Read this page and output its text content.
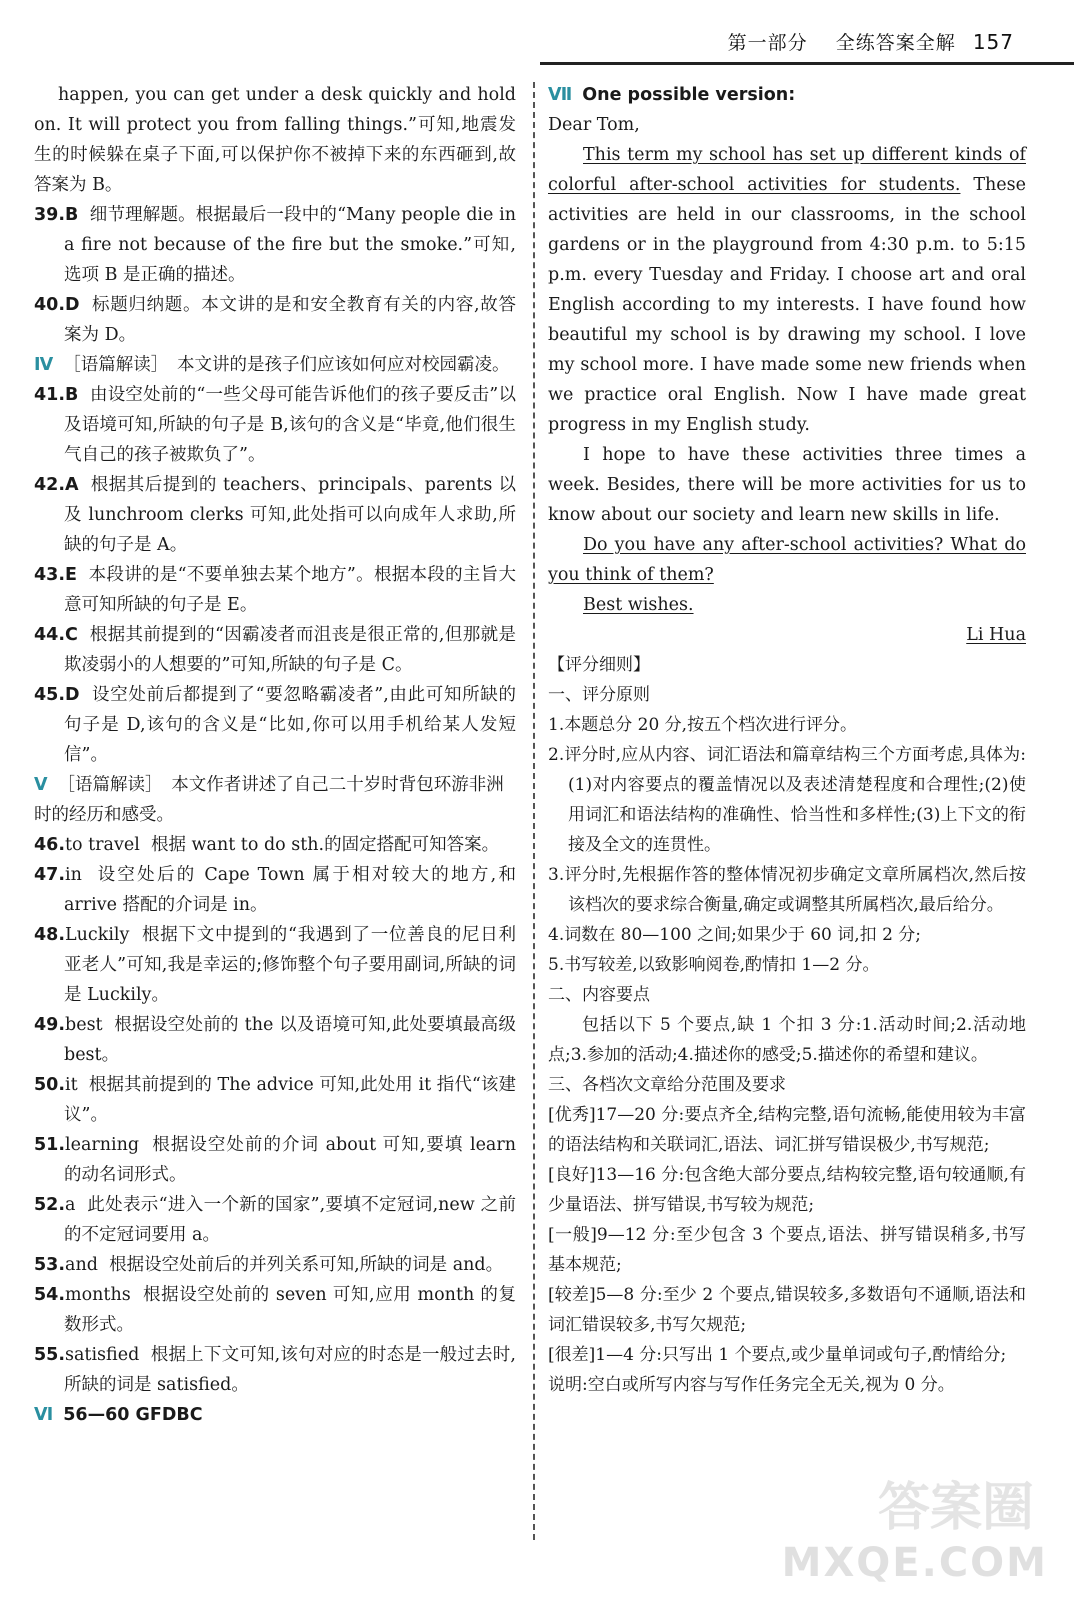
第一部分 全练答案全解 157

happen, you can get under a desk quickly and hold on. It will protect you from falling things.”可知,地震发生的时候躲在桌子下面,可以保护你不被掉下来的东西砸到,故答案为 B。

39.B 细节理解题。根据最后一段中的“Many people die in a fire not because of the fire but the smoke.”可知,选项 B 是正确的描述。

40.D 标题归纳题。本文讲的是和安全教育有关的内容,故答案为 D。

Ⅳ ［语篇解读］　本文讲的是孩子们应该如何应对校园霸凌。

41.B 由设空处前的“一些父母可能告诉他们的孩子要反击”以及语境可知,所缺的句子是 B,该句的含义是“毕竟,他们很生气自己的孩子被欺负了”。

42.A 根据其后提到的 teachers、principals、parents 以及 lunchroom clerks 可知,此处指可以向成年人求助,所缺的句子是 A。

43.E 本段讲的是“不要单独去某个地方”。根据本段的主旨大意可知所缺的句子是 E。

44.C 根据其前提到的“因霸凌者而沮丧是很正常的,但那就是欺凌弱小的人想要的”可知,所缺的句子是 C。

45.D 设空处前后都提到了“要忽略霸凌者”,由此可知所缺的句子是 D,该句的含义是“比如,你可以用手机给某人发短信”。

Ⅴ ［语篇解读］　本文作者讲述了自己二十岁时背包环游非洲时的经历和感受。

46.to travel 根据 want to do sth.的固定搭配可知答案。

47.in 设空处后的 Cape Town 属于相对较大的地方,和 arrive 搭配的介词是 in。

48.Luckily 根据下文中提到的“我遇到了一位善良的尼日利亚老人”可知,我是幸运的;修饰整个句子要用副词,所缺的词是 Luckily。

49.best 根据设空处前的 the 以及语境可知,此处要填最高级 best。

50.it 根据其前提到的 The advice 可知,此处用 it 指代“该建议”。

51.learning 根据设空处前的介词 about 可知,要填 learn 的动名词形式。

52.a 此处表示“进入一个新的国家”,要填不定冠词,new 之前的不定冠词要用 a。

53.and 根据设空处前后的并列关系可知,所缺的词是 and。

54.months 根据设空处前的 seven 可知,应用 month 的复数形式。

55.satisfied 根据上下文可知,该句对应的时态是一般过去时,所缺的词是 satisfied。

Ⅵ 56—60 GFDBC

Ⅶ One possible version:

Dear Tom,

This term my school has set up different kinds of colorful after-school activities for students. These activities are held in our classrooms, in the school gardens or in the playground from 4:30 p.m. to 5:15 p.m. every Tuesday and Friday. I choose art and oral English according to my interests. I have found how beautiful my school is by drawing my school. I love my school more. I have made some new friends when we practice oral English. Now I have made great progress in my English study.

I hope to have these activities three times a week. Besides, there will be more activities for us to know about our society and learn new skills in life.

Do you have any after-school activities? What do you think of them?

Best wishes.

Li Hua

【评分细则】

一、评分原则

1.本题总分 20 分,按五个档次进行评分。

2.评分时,应从内容、词汇语法和篇章结构三个方面考虑,具体为:(1)对内容要点的覆盖情况以及表述清楚程度和合理性;(2)使用词汇和语法结构的准确性、恰当性和多样性;(3)上下文的衔接及全文的连贯性。

3.评分时,先根据作答的整体情况初步确定文章所属档次,然后按该档次的要求综合衡量,确定或调整其所属档次,最后给分。

4.词数在 80—100 之间;如果少于 60 词,扣 2 分;

5.书写较差,以致影响阅卷,酌情扣 1—2 分。

二、内容要点

包括以下 5 个要点,缺 1 个扣 3 分:1.活动时间;2.活动地点;3.参加的活动;4.描述你的感受;5.描述你的希望和建议。

三、各档次文章给分范围及要求

[优秀]17—20 分:要点齐全,结构完整,语句流畅,能使用较为丰富的语法结构和关联词汇,语法、词汇拼写错误极少,书写规范;

[良好]13—16 分:包含绝大部分要点,结构较完整,语句较通顺,有少量语法、拼写错误,书写较为规范;

[一般]9—12 分:至少包含 3 个要点,语法、拼写错误稍多,书写基本规范;

[较差]5—8 分:至少 2 个要点,错误较多,多数语句不通顺,语法和词汇错误较多,书写欠规范;

[很差]1—4 分:只写出 1 个要点,或少量单词或句子,酌情给分;

说明:空白或所写内容与写作任务完全无关,视为 0 分。

答案圈
MXQE.COM
